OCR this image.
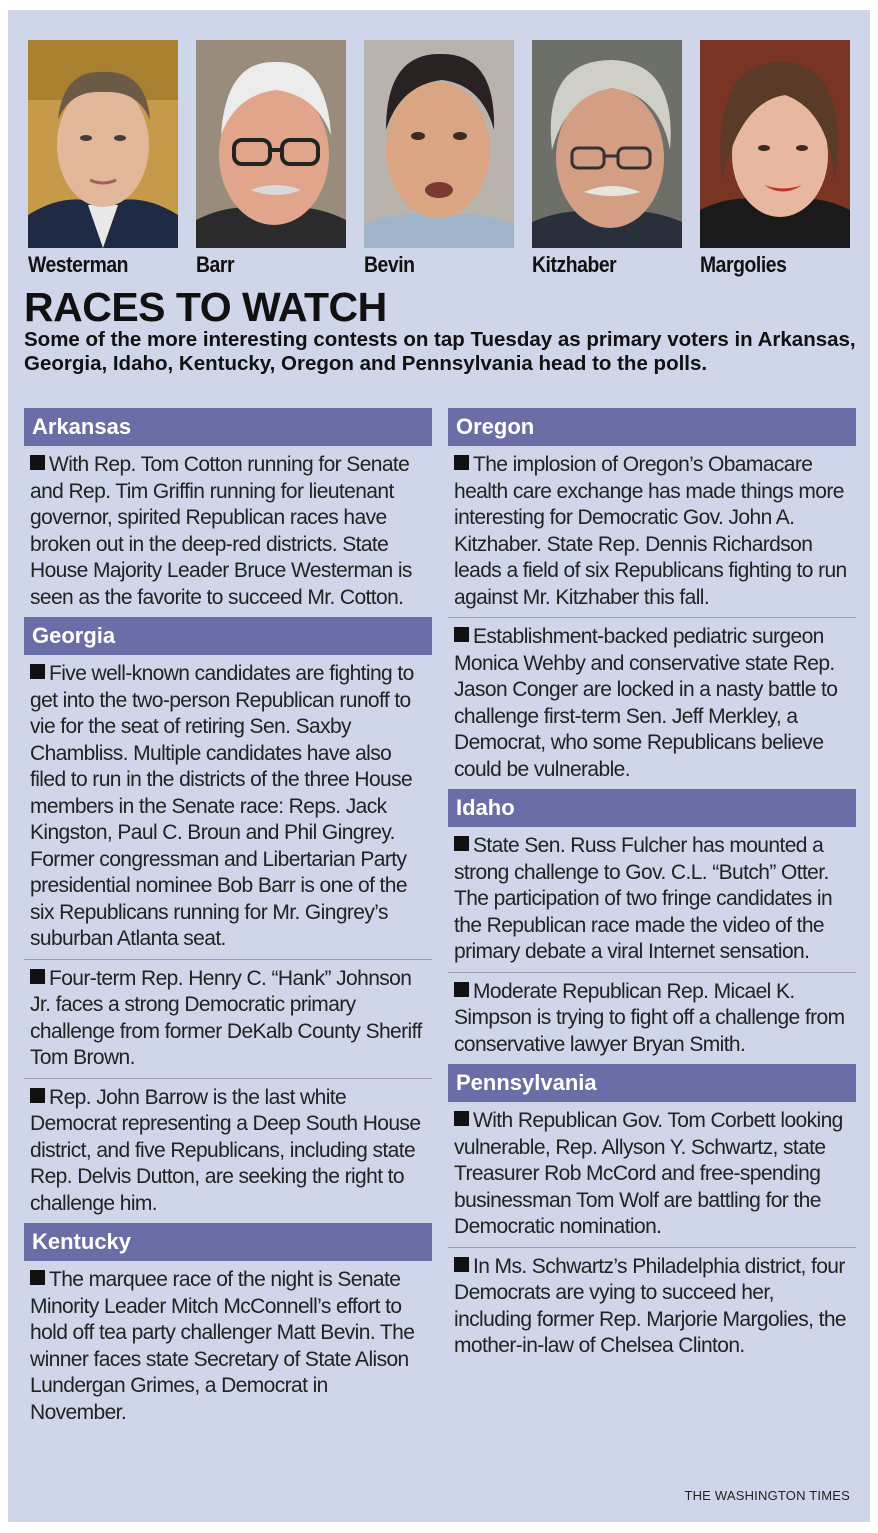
Westerman	Barr	Bevin	Kitzhaber	Margolies
RACES TO WATCH
Some of the more interesting contests on tap Tuesday as primary voters in Arkansas, Georgia, Idaho, Kentucky, Oregon and Pennsylvania head to the polls.
Arkansas
With Rep. Tom Cotton running for Senate and Rep. Tim Griffin running for lieutenant governor, spirited Republican races have broken out in the deep-red districts. State House Majority Leader Bruce Westerman is seen as the favorite to succeed Mr. Cotton.
Georgia
Five well-known candidates are fighting to get into the two-person Republican runoff to vie for the seat of retiring Sen. Saxby Chambliss. Multiple candidates have also filed to run in the districts of the three House members in the Senate race: Reps. Jack Kingston, Paul C. Broun and Phil Gingrey. Former congressman and Libertarian Party presidential nominee Bob Barr is one of the six Republicans running for Mr. Gingrey’s suburban Atlanta seat.
Four-term Rep. Henry C. “Hank” Johnson Jr. faces a strong Democratic primary challenge from former DeKalb County Sheriff Tom Brown.
Rep. John Barrow is the last white Democrat representing a Deep South House district, and five Republicans, including state Rep. Delvis Dutton, are seeking the right to challenge him.
Kentucky
The marquee race of the night is Senate Minority Leader Mitch McConnell’s effort to hold off tea party challenger Matt Bevin. The winner faces state Secretary of State Alison Lundergan Grimes, a Democrat in November.
Oregon
The implosion of Oregon’s Obamacare health care exchange has made things more interesting for Democratic Gov. John A. Kitzhaber. State Rep. Dennis Richardson leads a field of six Republicans fighting to run against Mr. Kitzhaber this fall.
Establishment-backed pediatric surgeon Monica Wehby and conservative state Rep. Jason Conger are locked in a nasty battle to challenge first-term Sen. Jeff Merkley, a Democrat, who some Republicans believe could be vulnerable.
Idaho
State Sen. Russ Fulcher has mounted a strong challenge to Gov. C.L. “Butch” Otter. The participation of two fringe candidates in the Republican race made the video of the primary debate a viral Internet sensation.
Moderate Republican Rep. Micael K. Simpson is trying to fight off a challenge from conservative lawyer Bryan Smith.
Pennsylvania
With Republican Gov. Tom Corbett looking vulnerable, Rep. Allyson Y. Schwartz, state Treasurer Rob McCord and free-spending businessman Tom Wolf are battling for the Democratic nomination.
In Ms. Schwartz’s Philadelphia district, four Democrats are vying to succeed her, including former Rep. Marjorie Margolies, the mother-in-law of Chelsea Clinton.
THE WASHINGTON TIMES
